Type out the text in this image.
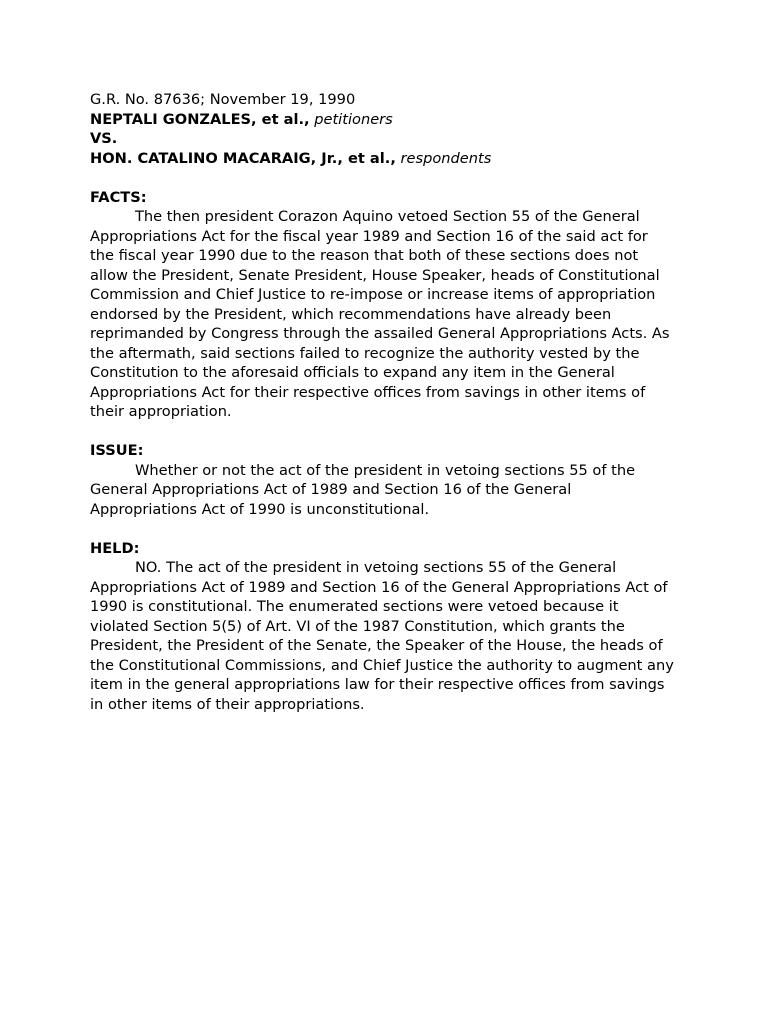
G.R. No. 87636; November 19, 1990

NEPTALI GONZALES, et al., petitioners

VS.

HON. CATALINO MACARAIG, Jr., et al., respondents

FACTS:

The then president Corazon Aquino vetoed Section 55 of the General Appropriations Act for the fiscal year 1989 and Section 16 of the said act for the fiscal year 1990 due to the reason that both of these sections does not allow the President, Senate President, House Speaker, heads of Constitutional Commission and Chief Justice to re-impose or increase items of appropriation endorsed by the President, which recommendations have already been reprimanded by Congress through the assailed General Appropriations Acts. As the aftermath, said sections failed to recognize the authority vested by the Constitution to the aforesaid officials to expand any item in the General Appropriations Act for their respective offices from savings in other items of their appropriation.

ISSUE:

Whether or not the act of the president in vetoing sections 55 of the General Appropriations Act of 1989 and Section 16 of the General Appropriations Act of 1990 is unconstitutional.

HELD:

NO. The act of the president in vetoing sections 55 of the General Appropriations Act of 1989 and Section 16 of the General Appropriations Act of 1990 is constitutional. The enumerated sections were vetoed because it violated Section 5(5) of Art. VI of the 1987 Constitution, which grants the President, the President of the Senate, the Speaker of the House, the heads of the Constitutional Commissions, and Chief Justice the authority to augment any item in the general appropriations law for their respective offices from savings in other items of their appropriations.
